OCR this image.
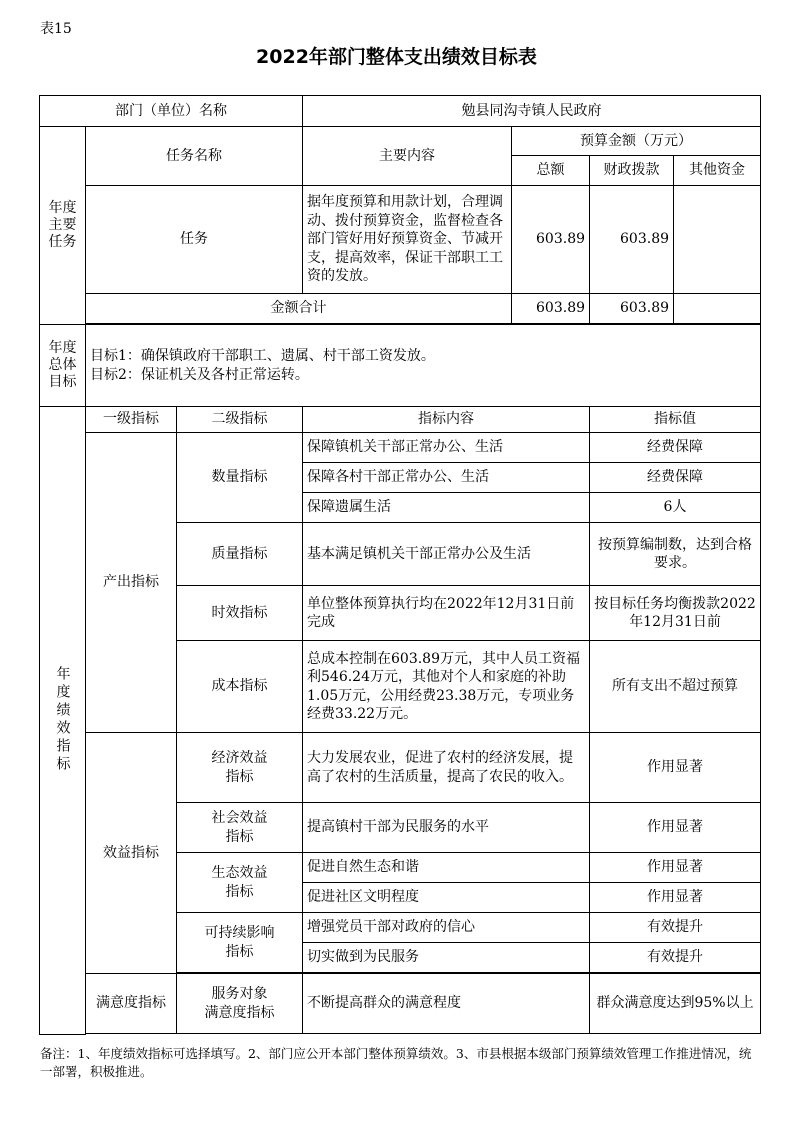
表15
2022年部门整体支出绩效目标表
部门（单位）名称			勉县同沟寺镇人民政府			
年度主要任务	任务名称		主要内容	预算金额（万元）		
				总额	财政拨款	其他资金
	任务		据年度预算和用款计划，合理调动、拨付预算资金，监督检查各部门管好用好预算资金、节减开支，提高效率，保证干部职工工资的发放。	603.89	603.89	
	金额合计			603.89	603.89	

年度总体目标	目标1：确保镇政府干部职工、遗属、村干部工资发放。
目标2：保证机关及各村正常运转。					

年度绩效指标	一级指标	二级指标	指标内容		指标值	
	产出指标	数量指标	保障镇机关干部正常办公、生活		经费保障	
			保障各村干部正常办公、生活		经费保障	
			保障遗属生活		6人	
		质量指标	基本满足镇机关干部正常办公及生活		按预算编制数，达到合格要求。	
		时效指标	单位整体预算执行均在2022年12月31日前完成		按目标任务均衡拨款2022年12月31日前	
		成本指标	总成本控制在603.89万元，其中人员工资福利546.24万元，其他对个人和家庭的补助1.05万元，公用经费23.38万元，专项业务经费33.22万元。		所有支出不超过预算	
	效益指标	经济效益
指标	大力发展农业，促进了农村的经济发展，提高了农村的生活质量，提高了农民的收入。		作用显著	

		社会效益
指标	提高镇村干部为民服务的水平		作用显著	

		生态效益
指标	促进自然生态和谐		作用显著	
			促进社区文明程度		作用显著	

		可持续影响
指标	增强党员干部对政府的信心		有效提升	
			切实做到为民服务		有效提升	

	满意度指标	服务对象
满意度指标	不断提高群众的满意程度		群众满意度达到95%以上	

备注：1、年度绩效指标可选择填写。2、部门应公开本部门整体预算绩效。3、市县根据本级部门预算绩效管理工作推进情况，统一部署，积极推进。
